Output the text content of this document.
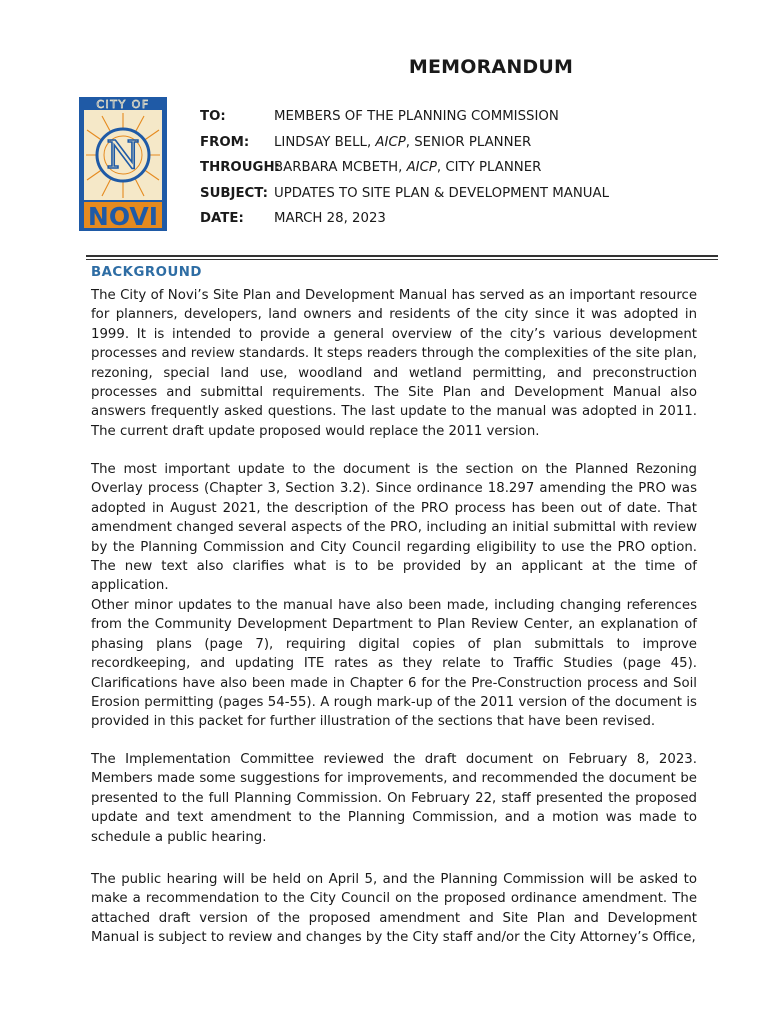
MEMORANDUM
CITY OF
N
NOVI
TO:	MEMBERS OF THE PLANNING COMMISSION
FROM:	LINDSAY BELL, AICP, SENIOR PLANNER
THROUGH:
BARBARA MCBETH, AICP, CITY PLANNER
SUBJECT: UPDATES TO SITE PLAN & DEVELOPMENT MANUAL
DATE:	MARCH 28, 2023
BACKGROUND
The City of Novi’s Site Plan and Development Manual has served as an important resource for planners, developers, land owners and residents of the city since it was adopted in 1999. It is intended to provide a general overview of the city’s various development processes and review standards. It steps readers through the complexities of the site plan, rezoning, special land use, woodland and wetland permitting, and preconstruction processes and submittal requirements. The Site Plan and Development Manual also answers frequently asked questions. The last update to the manual was adopted in 2011. The current draft update proposed would replace the 2011 version.
The most important update to the document is the section on the Planned Rezoning Overlay process (Chapter 3, Section 3.2). Since ordinance 18.297 amending the PRO was adopted in August 2021, the description of the PRO process has been out of date. That amendment changed several aspects of the PRO, including an initial submittal with review by the Planning Commission and City Council regarding eligibility to use the PRO option. The new text also clarifies what is to be provided by an applicant at the time of application.
Other minor updates to the manual have also been made, including changing references from the Community Development Department to Plan Review Center, an explanation of phasing plans (page 7), requiring digital copies of plan submittals to improve recordkeeping, and updating ITE rates as they relate to Traffic Studies (page 45). Clarifications have also been made in Chapter 6 for the Pre-Construction process and Soil Erosion permitting (pages 54-55). A rough mark-up of the 2011 version of the document is provided in this packet for further illustration of the sections that have been revised.
The Implementation Committee reviewed the draft document on February 8, 2023. Members made some suggestions for improvements, and recommended the document be presented to the full Planning Commission. On February 22, staff presented the proposed update and text amendment to the Planning Commission, and a motion was made to schedule a public hearing.
The public hearing will be held on April 5, and the Planning Commission will be asked to make a recommendation to the City Council on the proposed ordinance amendment. The attached draft version of the proposed amendment and Site Plan and Development Manual is subject to review and changes by the City staff and/or the City Attorney’s Office,
